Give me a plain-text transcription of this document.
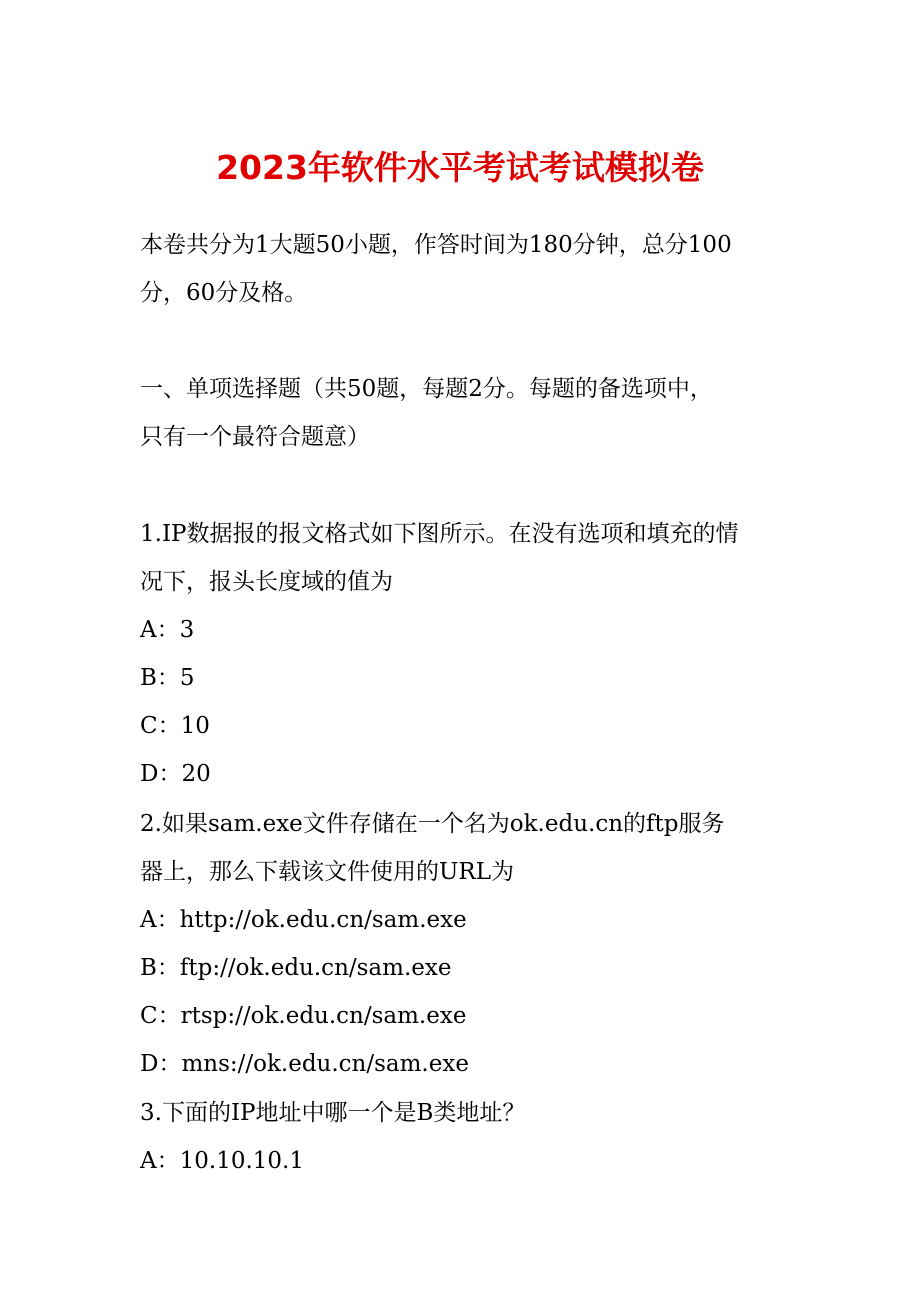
2023年软件水平考试考试模拟卷
本卷共分为1大题50小题，作答时间为180分钟，总分100
分，60分及格。
一、单项选择题（共50题，每题2分。每题的备选项中，
只有一个最符合题意）
1.IP数据报的报文格式如下图所示。在没有选项和填充的情
况下，报头长度域的值为
A：3
B：5
C：10
D：20
2.如果sam.exe文件存储在一个名为ok.edu.cn的ftp服务
器上，那么下载该文件使用的URL为
A：http://ok.edu.cn/sam.exe
B：ftp://ok.edu.cn/sam.exe
C：rtsp://ok.edu.cn/sam.exe
D：mns://ok.edu.cn/sam.exe
3.下面的IP地址中哪一个是B类地址？
A：10.10.10.1
